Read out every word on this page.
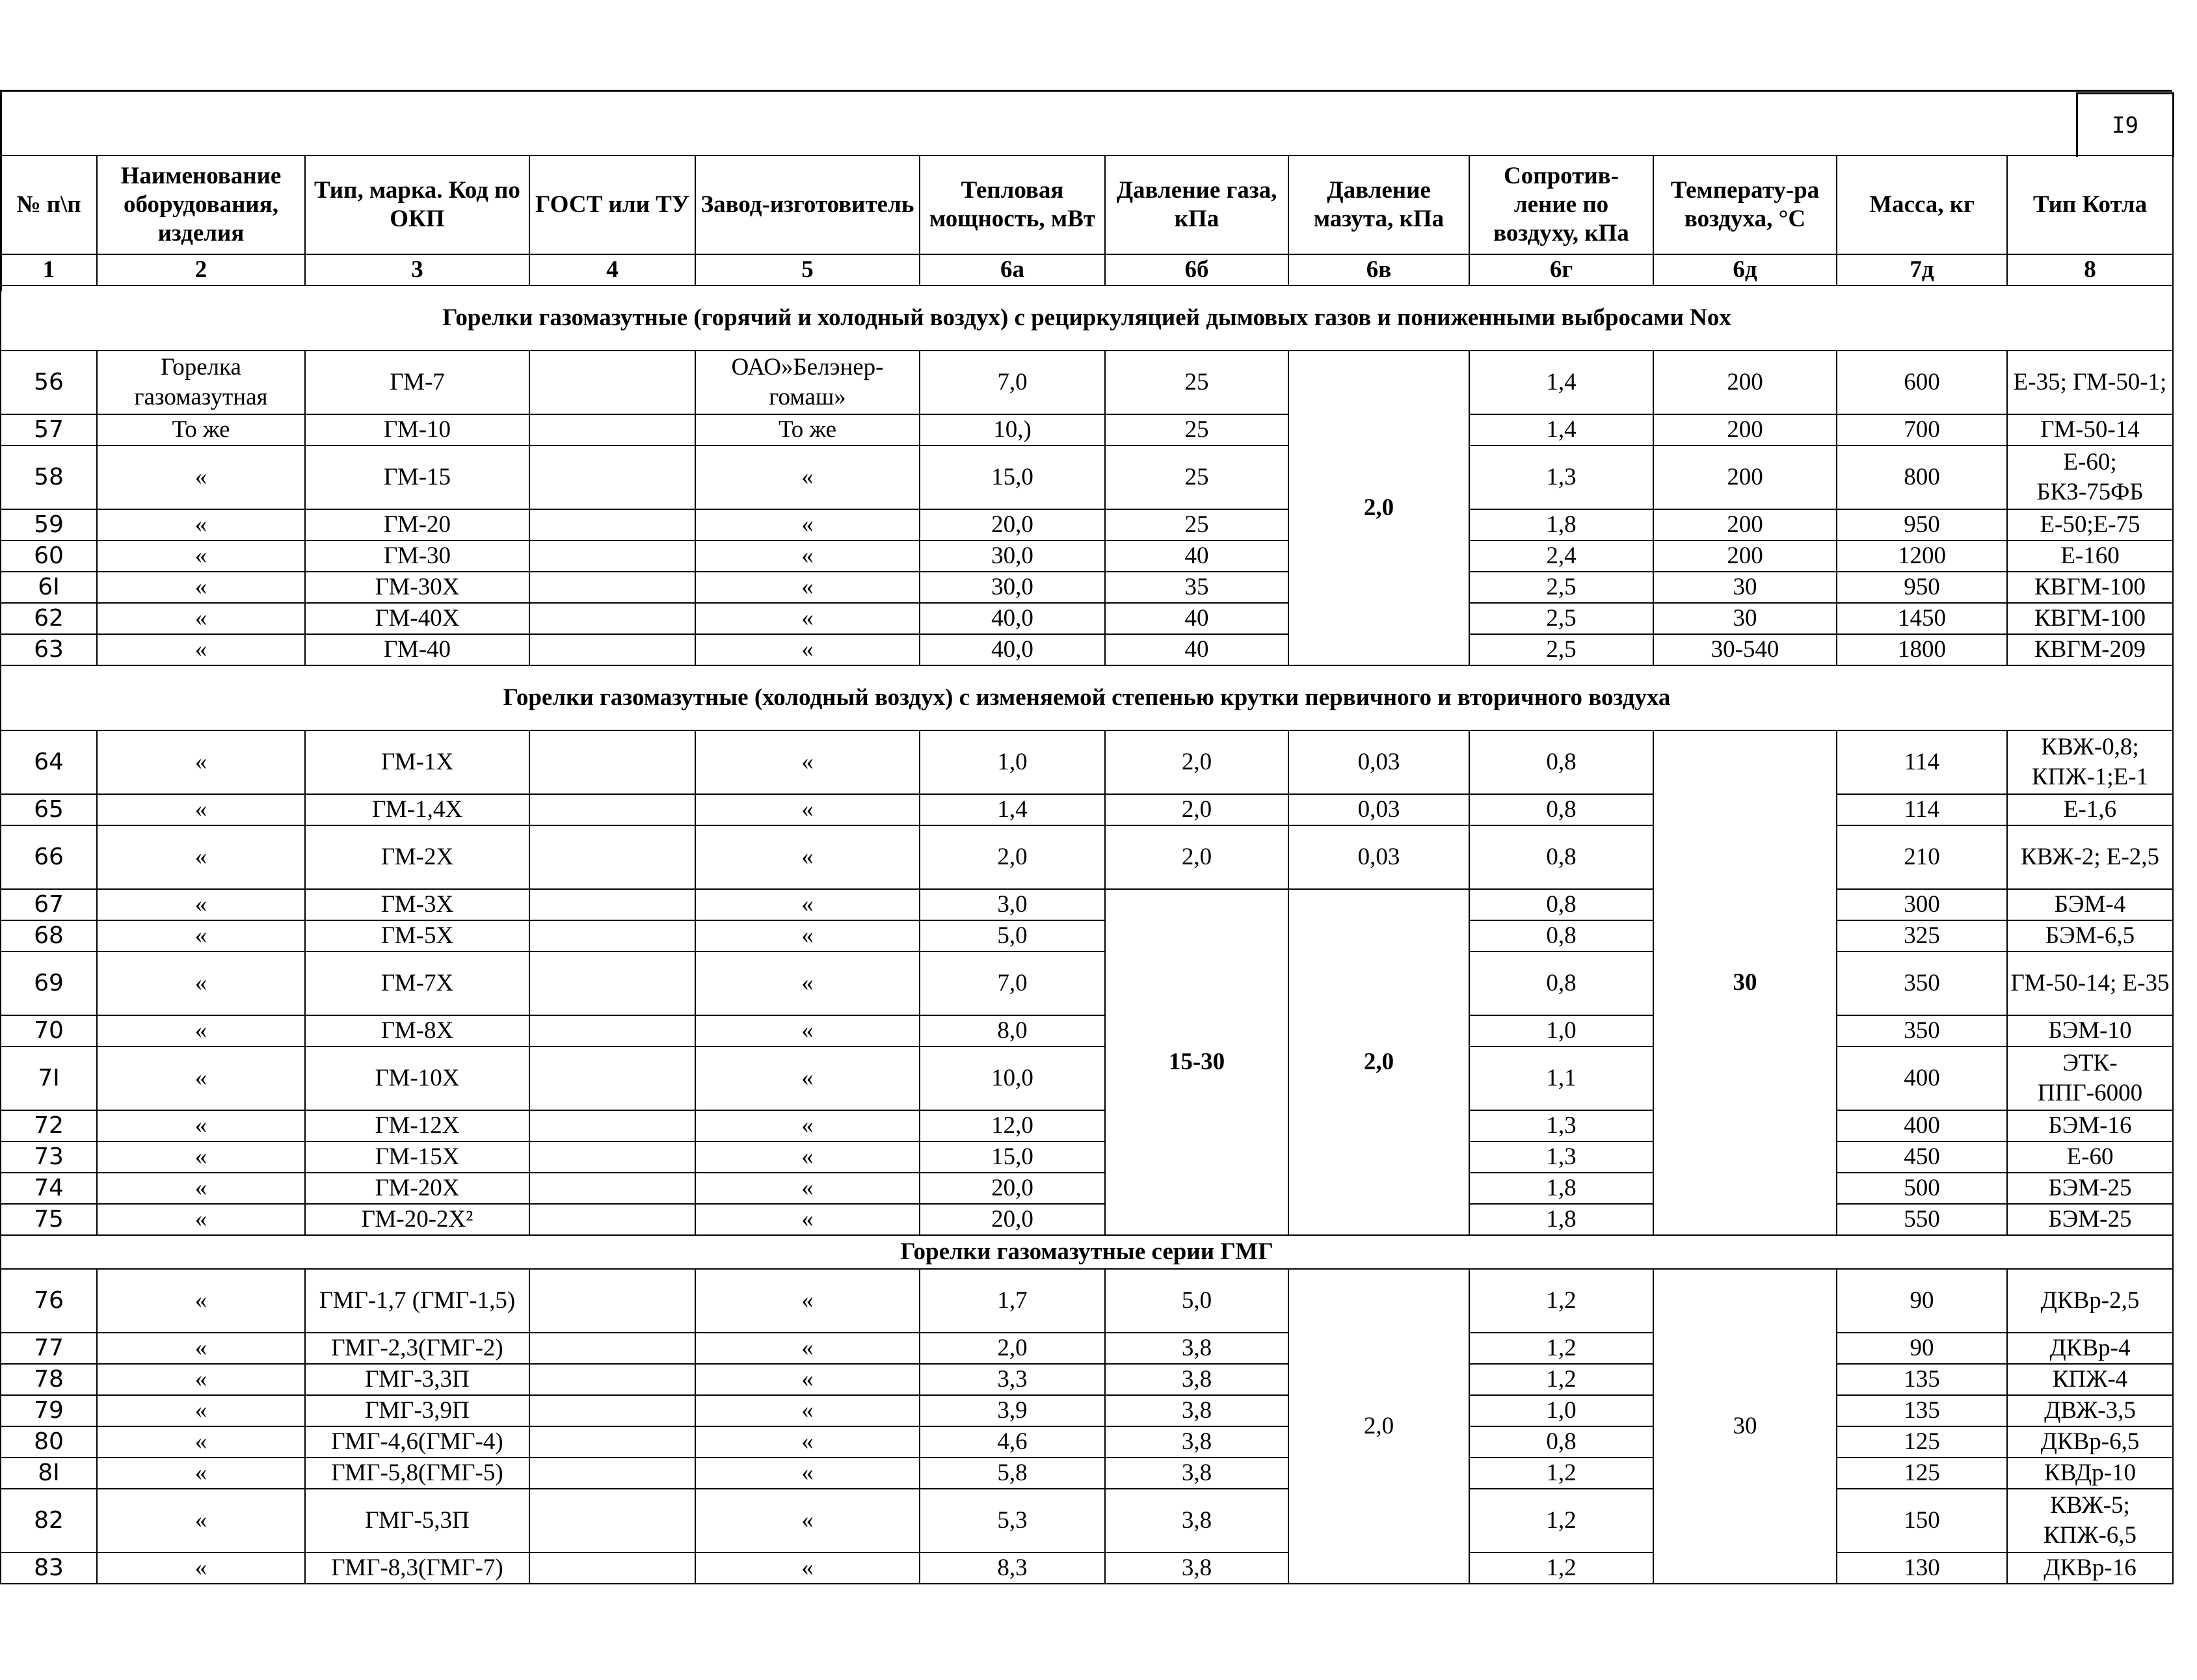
I9
№ п\п	Наименование оборудования, изделия	Тип, марка. Код по ОКП	ГОСТ или ТУ	Завод-изготовитель	Тепловая мощность, мВт	Давление газа, кПа	Давление мазута, кПа	Сопротив-ление по воздуху, кПа	Температу-ра воздуха, °С	Масса, кг	Тип Котла
1	2	3	4	5	6а	6б	6в	6г	6д	7д	8
Горелки газомазутные (горячий и холодный воздух) с рециркуляцией дымовых газов и пониженными выбросами Nox											
56	Горелка газомазутная	ГМ-7		ОАО»Белэнер-гомаш»	7,0	25	2,0	1,4	200	600	Е-35; ГМ-50-1;
57	То же	ГМ-10		То же	10,)	25		1,4	200	700	ГМ-50-14
58	«	ГМ-15		«	15,0	25		1,3	200	800	Е-60; БКЗ-75ФБ
59	«	ГМ-20		«	20,0	25		1,8	200	950	Е-50;Е-75
60	«	ГМ-30		«	30,0	40		2,4	200	1200	Е-160
6I	«	ГМ-30Х		«	30,0	35		2,5	30	950	КВГМ-100
62	«	ГМ-40Х		«	40,0	40		2,5	30	1450	КВГМ-100
63	«	ГМ-40		«	40,0	40		2,5	30-540	1800	КВГМ-209
Горелки газомазутные (холодный воздух) с изменяемой степенью крутки первичного и вторичного воздуха											
64	«	ГМ-1Х		«	1,0	2,0	0,03	0,8	30	114	КВЖ-0,8; КПЖ-1;Е-1
65	«	ГМ-1,4Х		«	1,4	2,0	0,03	0,8		114	Е-1,6
66	«	ГМ-2Х		«	2,0	2,0	0,03	0,8		210	КВЖ-2; Е-2,5
67	«	ГМ-3Х		«	3,0	15-30	2,0	0,8		300	БЭМ-4
68	«	ГМ-5Х		«	5,0			0,8		325	БЭМ-6,5
69	«	ГМ-7Х		«	7,0			0,8		350	ГМ-50-14; Е-35
70	«	ГМ-8Х		«	8,0			1,0		350	БЭМ-10
7I	«	ГМ-10Х		«	10,0			1,1		400	ЭТК-ППГ-6000
72	«	ГМ-12Х		«	12,0			1,3		400	БЭМ-16
73	«	ГМ-15Х		«	15,0			1,3		450	Е-60
74	«	ГМ-20Х		«	20,0			1,8		500	БЭМ-25
75	«	ГМ-20-2Х²		«	20,0			1,8		550	БЭМ-25
Горелки газомазутные серии ГМГ											
76	«	ГМГ-1,7 (ГМГ-1,5)		«	1,7	5,0	2,0	1,2	30	90	ДКВр-2,5
77	«	ГМГ-2,3(ГМГ-2)		«	2,0	3,8		1,2		90	ДКВр-4
78	«	ГМГ-3,3П		«	3,3	3,8		1,2		135	КПЖ-4
79	«	ГМГ-3,9П		«	3,9	3,8		1,0		135	ДВЖ-3,5
80	«	ГМГ-4,6(ГМГ-4)		«	4,6	3,8		0,8		125	ДКВр-6,5
8I	«	ГМГ-5,8(ГМГ-5)		«	5,8	3,8		1,2		125	КВДр-10
82	«	ГМГ-5,3П		«	5,3	3,8		1,2		150	КВЖ-5; КПЖ-6,5
83	«	ГМГ-8,3(ГМГ-7)		«	8,3	3,8		1,2		130	ДКВр-16
